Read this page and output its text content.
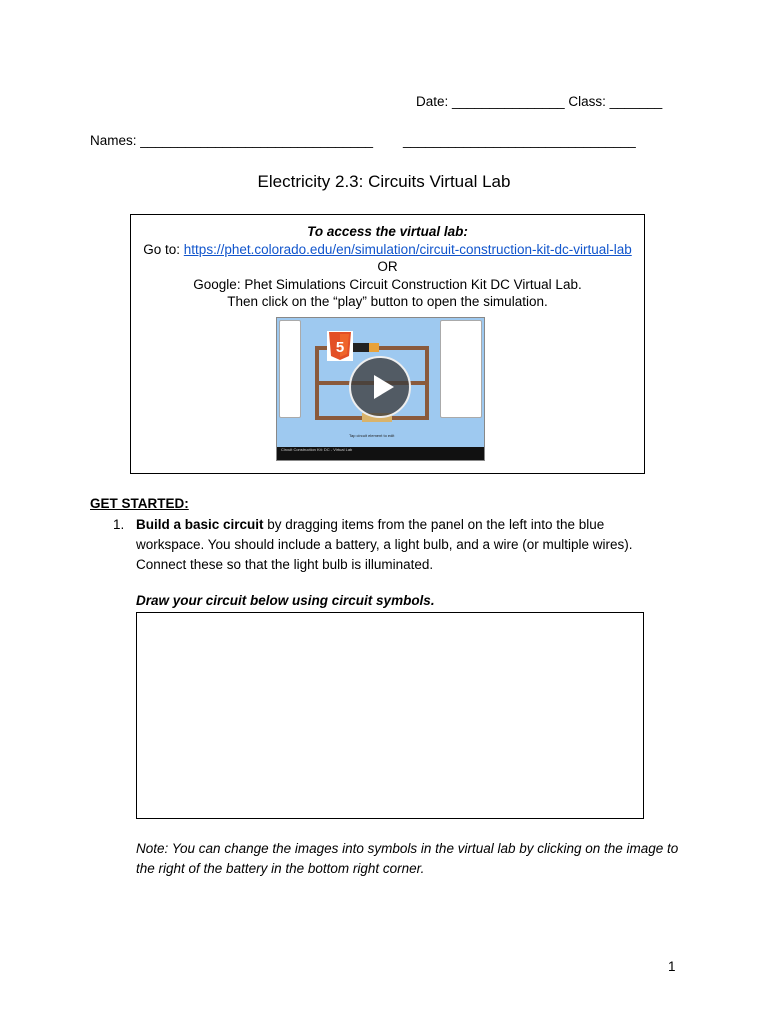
Date: _______________ Class: _______
Names: _______________________________ _______________________________
Electricity 2.3: Circuits Virtual Lab
To access the virtual lab:
Go to: https://phet.colorado.edu/en/simulation/circuit-construction-kit-dc-virtual-lab
OR
Google: Phet Simulations Circuit Construction Kit DC Virtual Lab.
Then click on the “play” button to open the simulation.
Tap circuit element to edit
Circuit Construction Kit: DC - Virtual Lab
5
GET STARTED:
1. Build a basic circuit by dragging items from the panel on the left into the blue workspace. You should include a battery, a light bulb, and a wire (or multiple wires). Connect these so that the light bulb is illuminated.
Draw your circuit below using circuit symbols.
Note: You can change the images into symbols in the virtual lab by clicking on the image to the right of the battery in the bottom right corner.
1
